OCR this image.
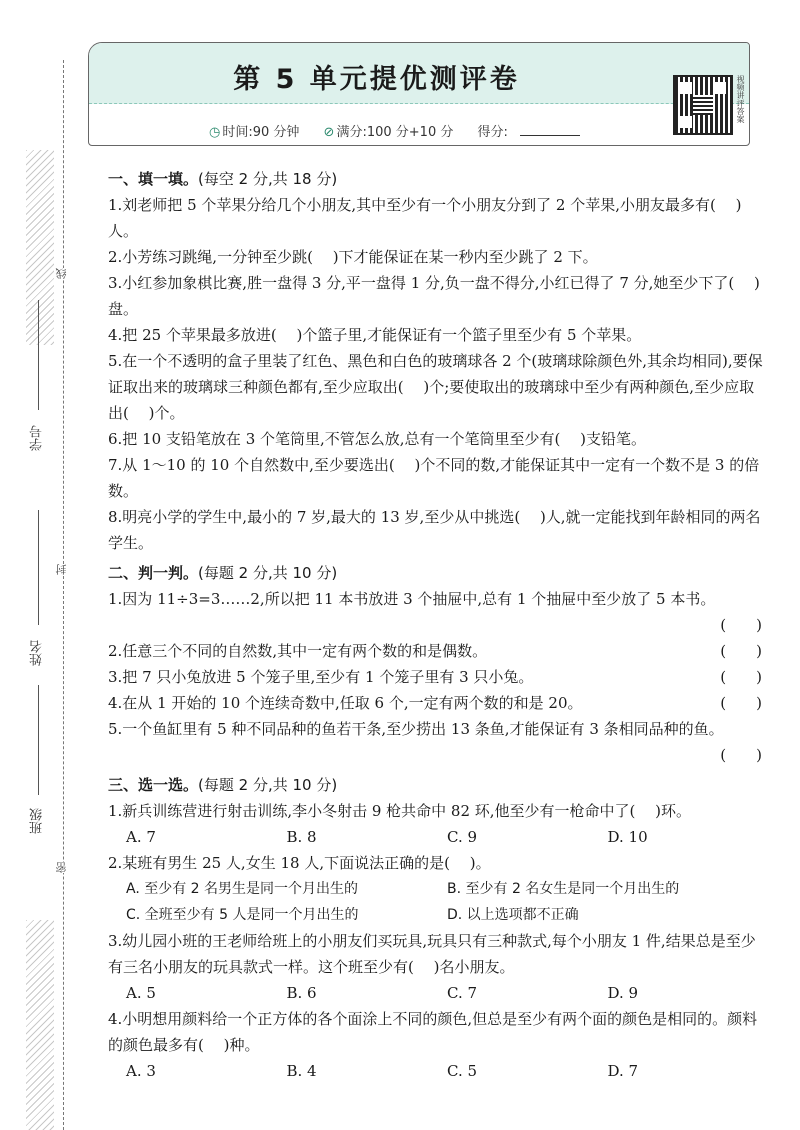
学号
姓名
班级
线
封
密
第 5 单元提优测评卷
◷ 时间:90 分钟 ⊘ 满分:100 分+10 分 得分:
视频讲评答案
一、填一填。(每空 2 分,共 18 分)

1.刘老师把 5 个苹果分给几个小朋友,其中至少有一个小朋友分到了 2 个苹果,小朋友最多有(　 )人。

2.小芳练习跳绳,一分钟至少跳(　 )下才能保证在某一秒内至少跳了 2 下。

3.小红参加象棋比赛,胜一盘得 3 分,平一盘得 1 分,负一盘不得分,小红已得了 7 分,她至少下了(　 )盘。

4.把 25 个苹果最多放进(　 )个篮子里,才能保证有一个篮子里至少有 5 个苹果。

5.在一个不透明的盒子里装了红色、黑色和白色的玻璃球各 2 个(玻璃球除颜色外,其余均相同),要保证取出来的玻璃球三种颜色都有,至少应取出(　 )个;要使取出的玻璃球中至少有两种颜色,至少应取出(　 )个。

6.把 10 支铅笔放在 3 个笔筒里,不管怎么放,总有一个笔筒里至少有(　 )支铅笔。

7.从 1～10 的 10 个自然数中,至少要选出(　 )个不同的数,才能保证其中一定有一个数不是 3 的倍数。

8.明亮小学的学生中,最小的 7 岁,最大的 13 岁,至少从中挑选(　 )人,就一定能找到年龄相同的两名学生。

二、判一判。(每题 2 分,共 10 分)

1.因为 11÷3=3……2,所以把 11 本书放进 3 个抽屉中,总有 1 个抽屉中至少放了 5 本书。

(　　)

2.任意三个不同的自然数,其中一定有两个数的和是偶数。	(　　)

3.把 7 只小兔放进 5 个笼子里,至少有 1 个笼子里有 3 只小兔。	(　　)

4.在从 1 开始的 10 个连续奇数中,任取 6 个,一定有两个数的和是 20。	(　　)

5.一个鱼缸里有 5 种不同品种的鱼若干条,至少捞出 13 条鱼,才能保证有 3 条相同品种的鱼。

(　　)

三、选一选。(每题 2 分,共 10 分)

1.新兵训练营进行射击训练,李小冬射击 9 枪共命中 82 环,他至少有一枪命中了(　 )环。

A. 7	B. 8	C. 9	D. 10

2.某班有男生 25 人,女生 18 人,下面说法正确的是(　 )。

A. 至少有 2 名男生是同一个月出生的	B. 至少有 2 名女生是同一个月出生的
C. 全班至少有 5 人是同一个月出生的	D. 以上选项都不正确

3.幼儿园小班的王老师给班上的小朋友们买玩具,玩具只有三种款式,每个小朋友 1 件,结果总是至少有三名小朋友的玩具款式一样。这个班至少有(　 )名小朋友。

A. 5	B. 6	C. 7	D. 9

4.小明想用颜料给一个正方体的各个面涂上不同的颜色,但总是至少有两个面的颜色是相同的。颜料的颜色最多有(　 )种。

A. 3	B. 4	C. 5	D. 7
